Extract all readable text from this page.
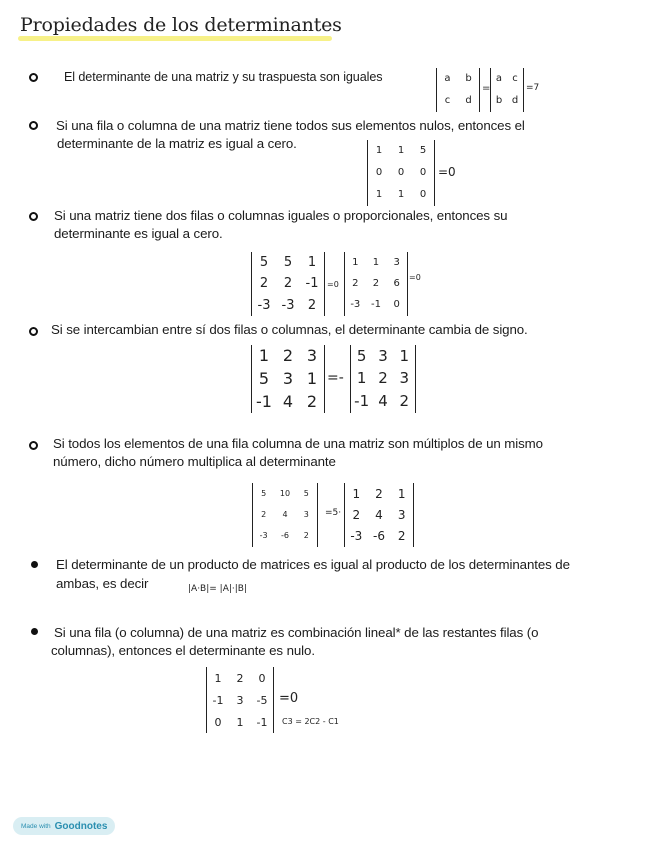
Propiedades de los determinantes
El determinante de una matriz y su traspuesta son iguales	a b
c d
=
a c
b d
=7
Si una fila o columna de una matriz tiene todos sus elementos nulos, entonces el
determinante de la matriz es igual a cero.	1 1 5
0 0 0
1 1 0
=0
Si una matriz tiene dos filas o columnas iguales o proporcionales, entonces su
determinante es igual a cero.
5 5 1
2 2 -1
-3 -3 2
=0
1 1 3
2 2 6
-3 -1 0
=0
Si se intercambian entre sí dos filas o columnas, el determinante cambia de signo.
1 2 3
5 3 1
-1 4 2
=-
5 3 1
1 2 3
-1 4 2
Si todos los elementos de una fila columna de una matriz son múltiplos de un mismo
número, dicho número multiplica al determinante
5 10 5
2 4 3
-3 -6 2
=5·
1 2 1
2 4 3
-3 -6 2
El determinante de un producto de matrices es igual al producto de los determinantes de
ambas, es decir	|A·B|= |A|·|B|
Si una fila (o columna) de una matriz es combinación lineal* de las restantes filas (o
columnas), entonces el determinante es nulo.
1 2 0
-1 3 -5
0 1 -1
=0
C3 = 2C2 - C1
Made with Goodnotes
